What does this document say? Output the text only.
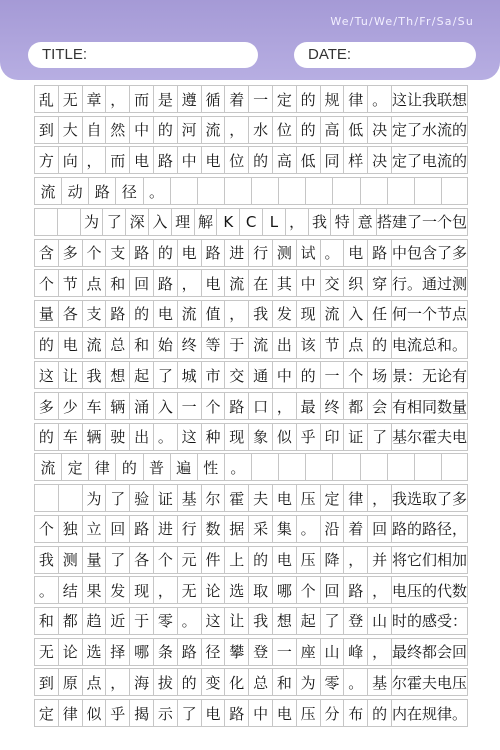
We/Tu/We/Th/Fr/Sa/Su
TITLE:	DATE:
乱 无 章 ， 而 是 遵 循 着 一 定 的 规 律 。 这让我联想
到 大 自 然 中 的 河 流 ， 水 位 的 高 低 决 定了水流的
方 向 ， 而 电 路 中 电 位 的 高 低 同 样 决 定了电流的
流 动 路 径 。
为 了 深 入 理 解 K C L ， 我 特 意 搭建了一个包
含 多 个 支 路 的 电 路 进 行 测 试 。 电 路 中包含了多
个 节 点 和 回 路 ， 电 流 在 其 中 交 织 穿 行。通过测
量 各 支 路 的 电 流 值 ， 我 发 现 流 入 任 何一个节点
的 电 流 总 和 始 终 等 于 流 出 该 节 点 的 电流总和。
这 让 我 想 起 了 城 市 交 通 中 的 一 个 场 景：无论有
多 少 车 辆 涌 入 一 个 路 口 ， 最 终 都 会 有相同数量
的 车 辆 驶 出 。 这 种 现 象 似 乎 印 证 了 基尔霍夫电
流 定 律 的 普 遍 性 。
为 了 验 证 基 尔 霍 夫 电 压 定 律 ， 我选取了多
个 独 立 回 路 进 行 数 据 采 集 。 沿 着 回 路的路径，
我 测 量 了 各 个 元 件 上 的 电 压 降 ， 并 将它们相加
。 结 果 发 现 ， 无 论 选 取 哪 个 回 路 ， 电压的代数
和 都 趋 近 于 零 。 这 让 我 想 起 了 登 山 时的感受：
无 论 选 择 哪 条 路 径 攀 登 一 座 山 峰 ， 最终都会回
到 原 点 ， 海 拔 的 变 化 总 和 为 零 。 基 尔霍夫电压
定 律 似 乎 揭 示 了 电 路 中 电 压 分 布 的 内在规律。
